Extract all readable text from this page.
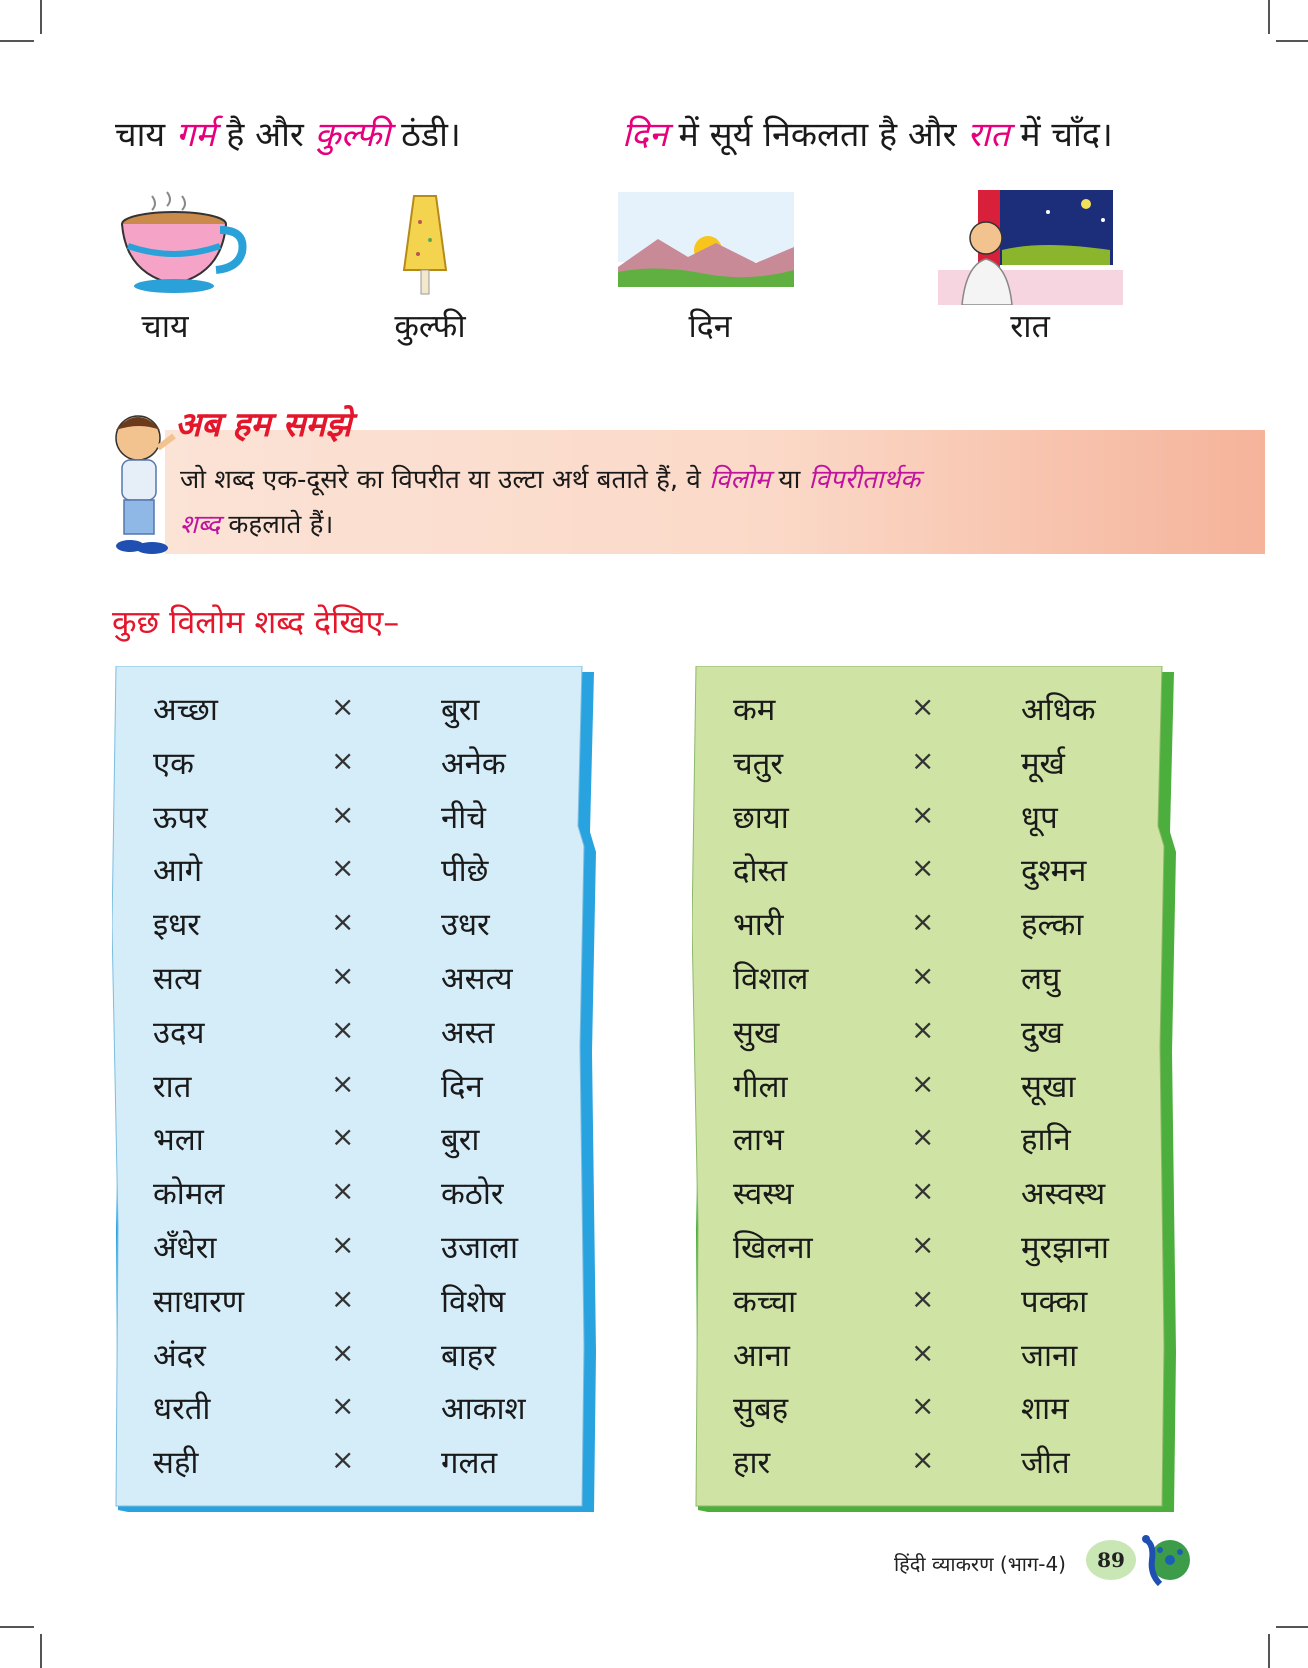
चाय गर्म है और कुल्फी ठंडी।	दिन में सूर्य निकलता है और रात में चाँद।
चाय	कुल्फी	दिन	रात
अब हम समझे
जो शब्द एक-दूसरे का विपरीत या उल्टा अर्थ बताते हैं, वे विलोम या विपरीतार्थक
शब्द कहलाते हैं।
कुछ विलोम शब्द देखिए–
अच्छा	×	बुरा
एक	×	अनेक
ऊपर	×	नीचे
आगे	×	पीछे
इधर	×	उधर
सत्य	×	असत्य
उदय	×	अस्त
रात	×	दिन
भला	×	बुरा
कोमल	×	कठोर
अँधेरा	×	उजाला
साधारण	×	विशेष
अंदर	×	बाहर
धरती	×	आकाश
सही	×	गलत
कम	×	अधिक
चतुर	×	मूर्ख
छाया	×	धूप
दोस्त	×	दुश्मन
भारी	×	हल्का
विशाल	×	लघु
सुख	×	दुख
गीला	×	सूखा
लाभ	×	हानि
स्वस्थ	×	अस्वस्थ
खिलना	×	मुरझाना
कच्चा	×	पक्का
आना	×	जाना
सुबह	×	शाम
हार	×	जीत
हिंदी व्याकरण (भाग-4)	89
